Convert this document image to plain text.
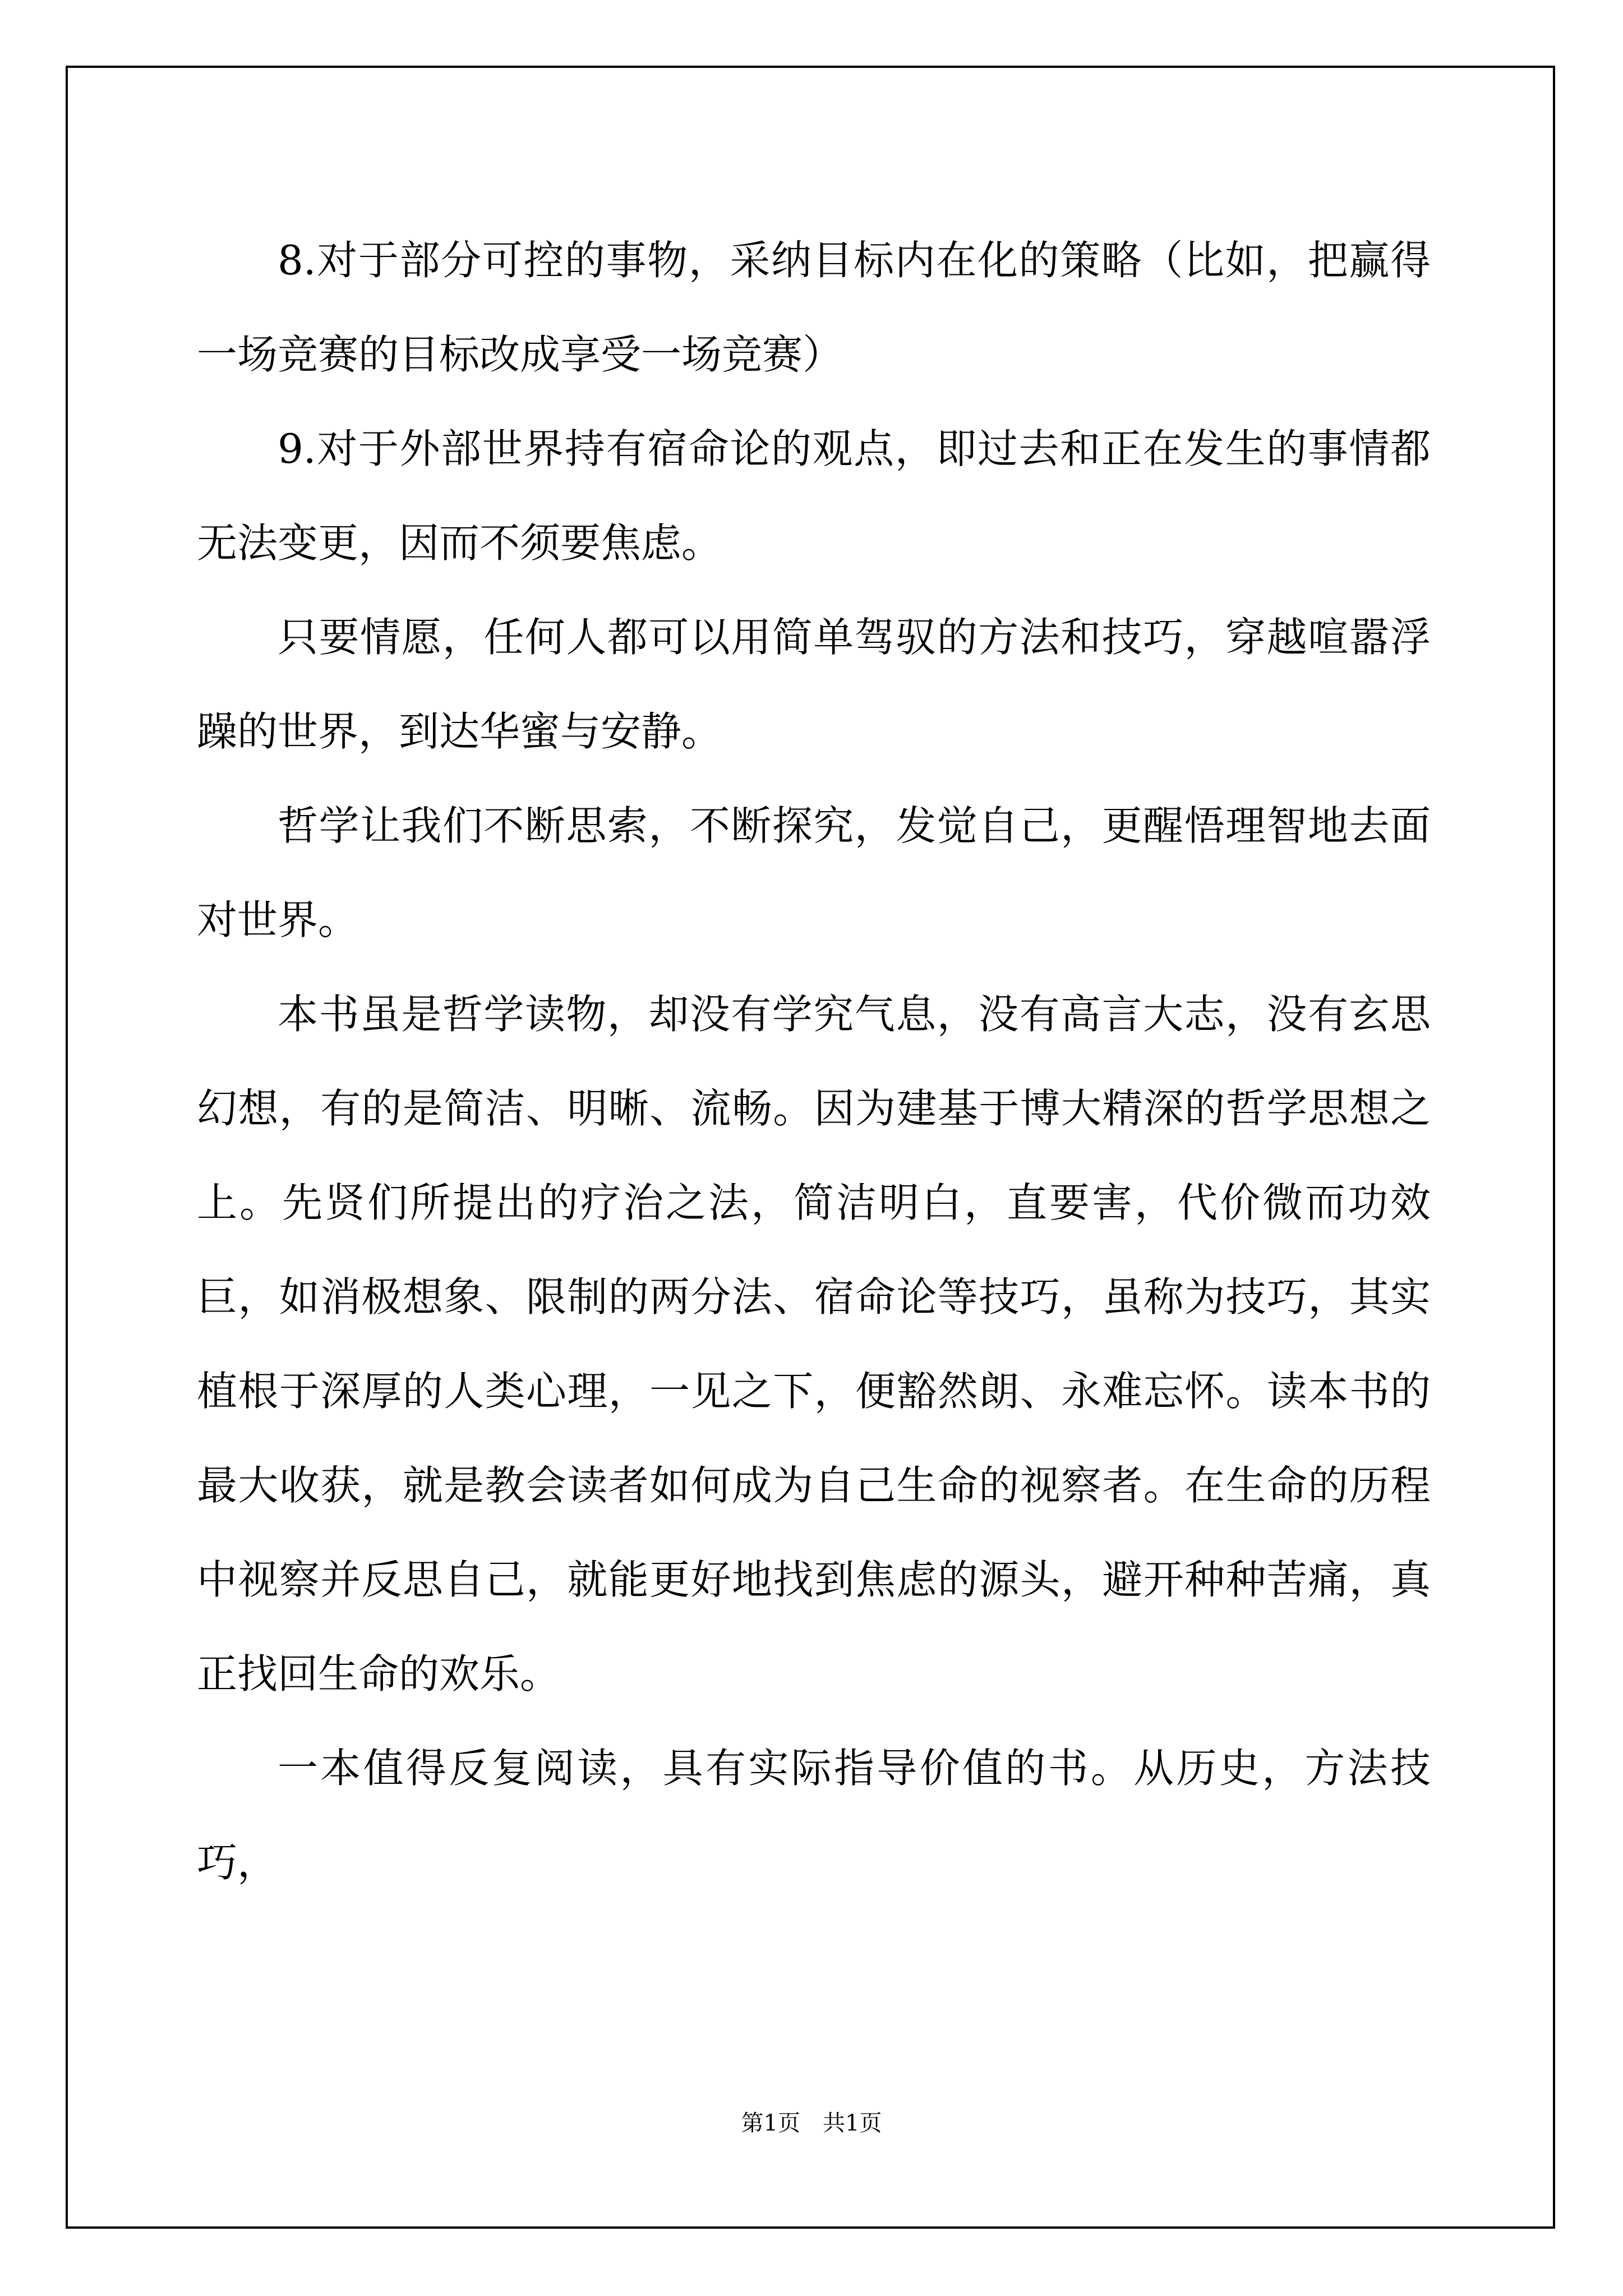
8.对于部分可控的事物，采纳目标内在化的策略（比如，把赢得一场竞赛的目标改成享受一场竞赛）

9.对于外部世界持有宿命论的观点，即过去和正在发生的事情都无法变更，因而不须要焦虑。

只要情愿，任何人都可以用简单驾驭的方法和技巧，穿越喧嚣浮躁的世界，到达华蜜与安静。

哲学让我们不断思索，不断探究，发觉自己，更醒悟理智地去面对世界。

本书虽是哲学读物，却没有学究气息，没有高言大志，没有玄思幻想，有的是简洁、明晰、流畅。因为建基于博大精深的哲学思想之上。先贤们所提出的疗治之法，简洁明白，直要害，代价微而功效巨，如消极想象、限制的两分法、宿命论等技巧，虽称为技巧，其实植根于深厚的人类心理，一见之下，便豁然朗、永难忘怀。读本书的最大收获，就是教会读者如何成为自己生命的视察者。在生命的历程中视察并反思自己，就能更好地找到焦虑的源头，避开种种苦痛，真正找回生命的欢乐。

一本值得反复阅读，具有实际指导价值的书。从历史，方法技巧，

第1页　共1页
